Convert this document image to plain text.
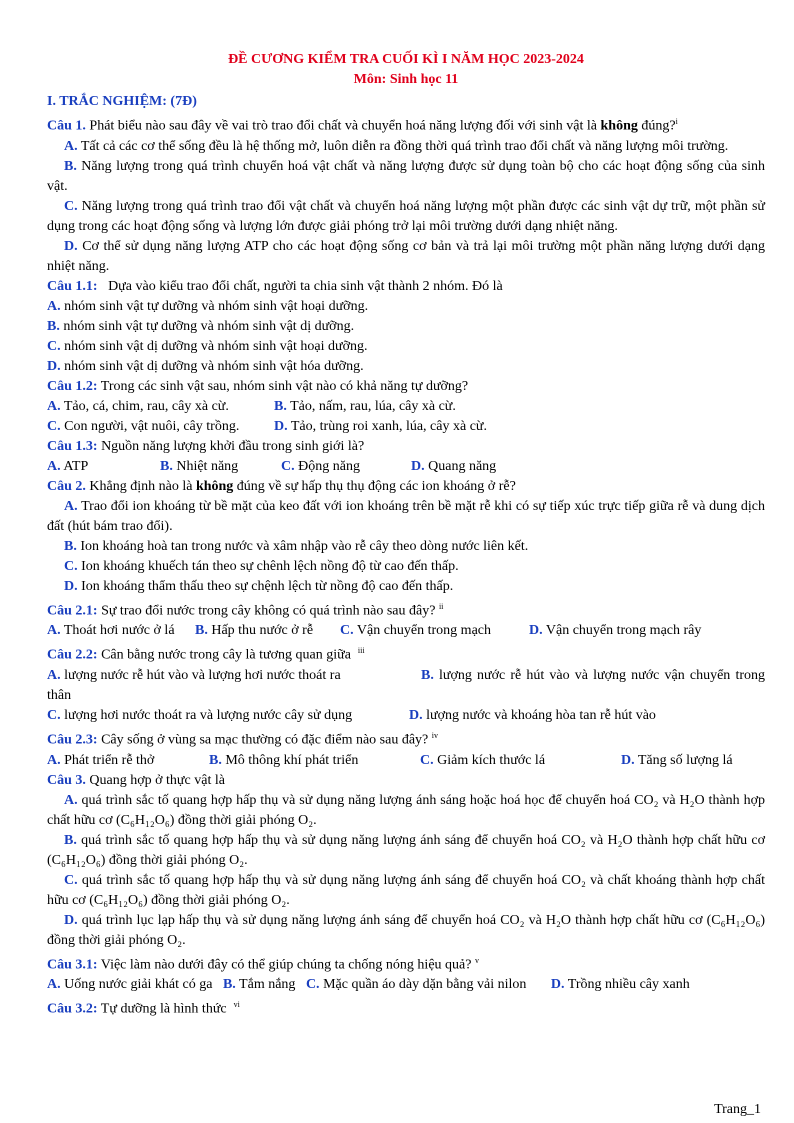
ĐỀ CƯƠNG KIỂM TRA CUỐI KÌ I NĂM HỌC 2023-2024
Môn: Sinh học 11
I. TRẮC NGHIỆM: (7Đ)
Câu 1. Phát biểu nào sau đây về vai trò trao đổi chất và chuyển hoá năng lượng đối với sinh vật là không đúng?$^i$
A. Tất cả các cơ thể sống đều là hệ thống mở, luôn diễn ra đồng thời quá trình trao đổi chất và năng lượng môi trường.
B. Năng lượng trong quá trình chuyển hoá vật chất và năng lượng được sử dụng toàn bộ cho các hoạt động sống của sinh vật.
C. Năng lượng trong quá trình trao đổi vật chất và chuyển hoá năng lượng một phần được các sinh vật dự trữ, một phần sử dụng trong các hoạt động sống và lượng lớn được giải phóng trở lại môi trường dưới dạng nhiệt năng.
D. Cơ thể sử dụng năng lượng ATP cho các hoạt động sống cơ bản và trả lại môi trường một phần năng lượng dưới dạng nhiệt năng.
Câu 1.1:   Dựa vào kiểu trao đổi chất, người ta chia sinh vật thành 2 nhóm. Đó là
A. nhóm sinh vật tự dưỡng và nhóm sinh vật hoại dưỡng.
B. nhóm sinh vật tự dưỡng và nhóm sinh vật dị dưỡng.
C. nhóm sinh vật dị dưỡng và nhóm sinh vật hoại dưỡng.
D. nhóm sinh vật dị dưỡng và nhóm sinh vật hóa dưỡng.
Câu 1.2: Trong các sinh vật sau, nhóm sinh vật nào có khả năng tự dưỡng?
A. Tảo, cá, chim, rau, cây xà cừ.	B. Tảo, nấm, rau, lúa, cây xà cừ.
C. Con người, vật nuôi, cây trồng.	D. Tảo, trùng roi xanh, lúa, cây xà cừ.
Câu 1.3: Nguồn năng lượng khởi đầu trong sinh giới là?
A. ATP	B. Nhiệt năng	C. Động năng	D. Quang năng
Câu 2. Khẳng định nào là không đúng về sự hấp thụ thụ động các ion khoáng ở rễ?
A. Trao đổi ion khoáng từ bề mặt của keo đất với ion khoáng trên bề mặt rễ khi có sự tiếp xúc trực tiếp giữa rễ và dung dịch đất (hút bám trao đổi).
B. Ion khoáng hoà tan trong nước và xâm nhập vào rễ cây theo dòng nước liên kết.
C. Ion khoáng khuếch tán theo sự chênh lệch nồng độ từ cao đến thấp.
D. Ion khoáng thẩm thấu theo sự chệnh lệch từ nồng độ cao đến thấp.
Câu 2.1: Sự trao đổi nước trong cây không có quá trình nào sau đây? $^{ii}$
A. Thoát hơi nước ở lá	B. Hấp thu nước ở rễ	C. Vận chuyển trong mạch	D. Vận chuyển trong mạch rây
Câu 2.2: Cân bằng nước trong cây là tương quan giữa  $^{iii}$
A. lượng nước rễ hút vào và lượng hơi nước thoát ra	B. lượng nước rễ hút vào và lượng nước vận chuyển trong thân
C. lượng hơi nước thoát ra và lượng nước cây sử dụng	D. lượng nước và khoáng hòa tan rễ hút vào
Câu 2.3: Cây sống ở vùng sa mạc thường có đặc điểm nào sau đây? $^{iv}$
A. Phát triển rễ thở	B. Mô thông khí phát triển	C. Giảm kích thước lá	D. Tăng số lượng lá
Câu 3. Quang hợp ở thực vật là
A. quá trình sắc tố quang hợp hấp thụ và sử dụng năng lượng ánh sáng hoặc hoá học để chuyển hoá CO₂ và H₂O thành hợp chất hữu cơ (C₆H₁₂O₆) đồng thời giải phóng O₂.
B. quá trình sắc tố quang hợp hấp thụ và sử dụng năng lượng ánh sáng để chuyển hoá CO₂ và H₂O thành hợp chất hữu cơ (C₆H₁₂O₆) đồng thời giải phóng O₂.
C. quá trình sắc tố quang hợp hấp thụ và sử dụng năng lượng ánh sáng để chuyển hoá CO₂ và chất khoáng thành hợp chất hữu cơ (C₆H₁₂O₆) đồng thời giải phóng O₂.
D. quá trình lục lạp hấp thụ và sử dụng năng lượng ánh sáng để chuyển hoá CO₂ và H₂O thành hợp chất hữu cơ (C₆H₁₂O₆) đồng thời giải phóng O₂.
Câu 3.1: Việc làm nào dưới đây có thể giúp chúng ta chống nóng hiệu quả? $^v$
A. Uống nước giải khát có ga B. Tắm nắng C. Mặc quần áo dày dặn bằng vải nilon D. Trồng nhiều cây xanh
Câu 3.2: Tự dưỡng là hình thức  $^{vi}$
Trang_1
